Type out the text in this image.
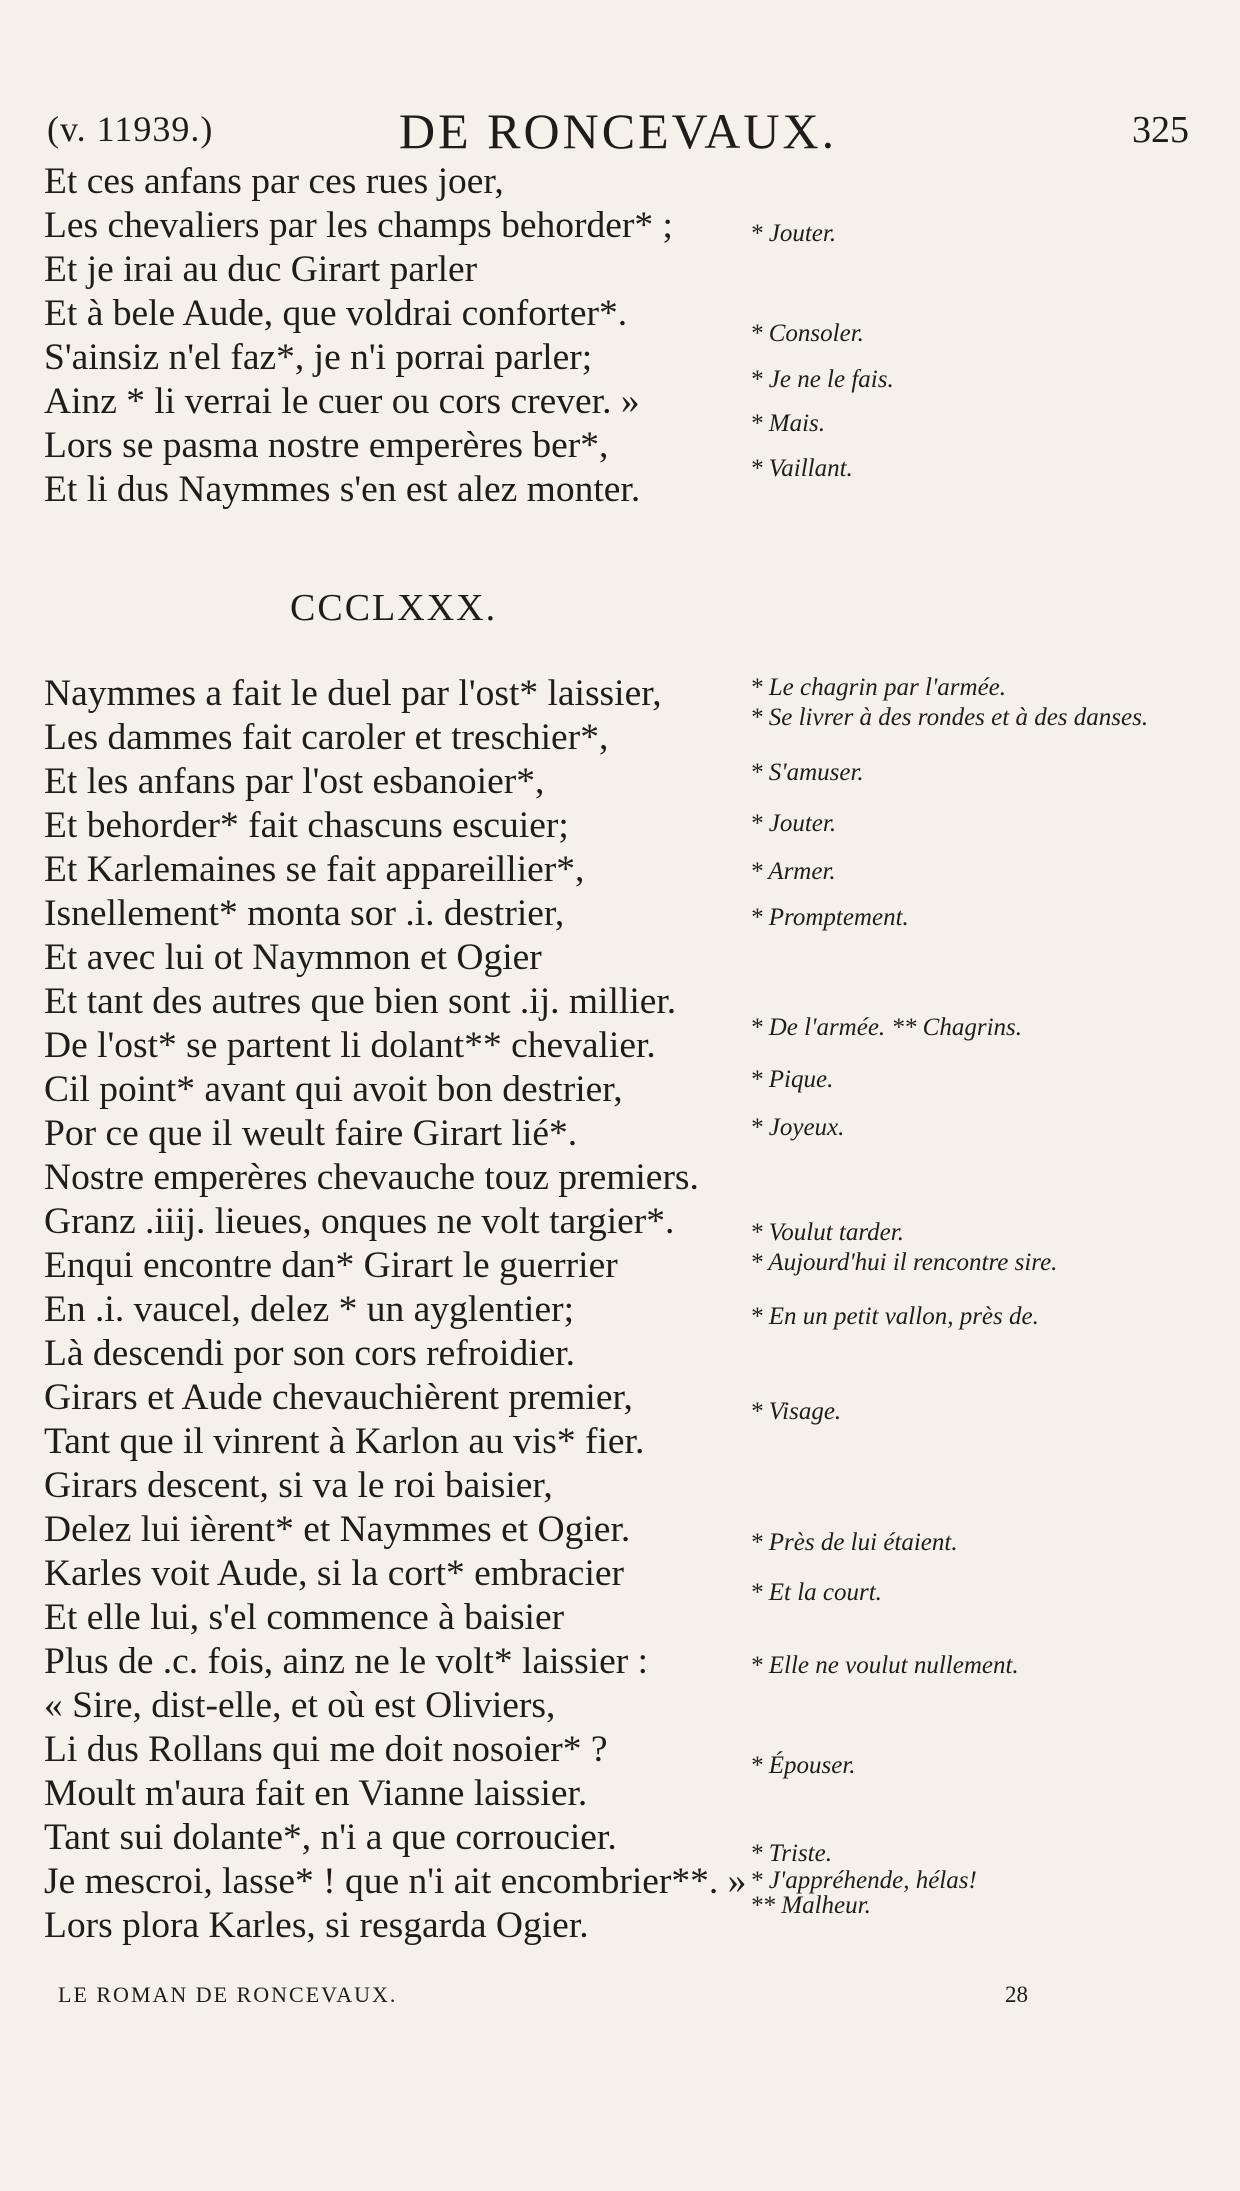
(v. 11939.)	DE RONCEVAUX.	325
Et ces anfans par ces rues joer,
Les chevaliers par les champs behorder* ;
Et je irai au duc Girart parler
Et à bele Aude, que voldrai conforter*.
S'ainsiz n'el faz*, je n'i porrai parler;
Ainz * li verrai le cuer ou cors crever. »
Lors se pasma nostre emperères ber*,
Et li dus Naymmes s'en est alez monter.
CCCLXXX.
Naymmes a fait le duel par l'ost* laissier,
Les dammes fait caroler et treschier*,
Et les anfans par l'ost esbanoier*,
Et behorder* fait chascuns escuier;
Et Karlemaines se fait appareillier*,
Isnellement* monta sor .i. destrier,
Et avec lui ot Naymmon et Ogier
Et tant des autres que bien sont .ij. millier.
De l'ost* se partent li dolant** chevalier.
Cil point* avant qui avoit bon destrier,
Por ce que il weult faire Girart lié*.
Nostre emperères chevauche touz premiers.
Granz .iiij. lieues, onques ne volt targier*.
Enqui encontre dan* Girart le guerrier
En .i. vaucel, delez * un ayglentier;
Là descendi por son cors refroidier.
Girars et Aude chevauchièrent premier,
Tant que il vinrent à Karlon au vis* fier.
Girars descent, si va le roi baisier,
Delez lui ièrent* et Naymmes et Ogier.
Karles voit Aude, si la cort* embracier
Et elle lui, s'el commence à baisier
Plus de .c. fois, ainz ne le volt* laissier :
« Sire, dist-elle, et où est Oliviers,
Li dus Rollans qui me doit nosoier* ?
Moult m'aura fait en Vianne laissier.
Tant sui dolante*, n'i a que corroucier.
Je mescroi, lasse* ! que n'i ait encombrier**. »
Lors plora Karles, si resgarda Ogier.
* Jouter.
* Consoler.
* Je ne le fais.
* Mais.
* Vaillant.
* Le chagrin par l'armée.
* Se livrer à des rondes et à des danses.
* S'amuser.
* Jouter.
* Armer.
* Promptement.
* De l'armée. ** Chagrins.
* Pique.
* Joyeux.
* Voulut tarder.
* Aujourd'hui il rencontre sire.
* En un petit vallon, près de.
* Visage.
* Près de lui étaient.
* Et la court.
* Elle ne voulut nullement.
* Épouser.
* Triste.
* J'appréhende, hélas!
** Malheur.
LE ROMAN DE RONCEVAUX.	28
